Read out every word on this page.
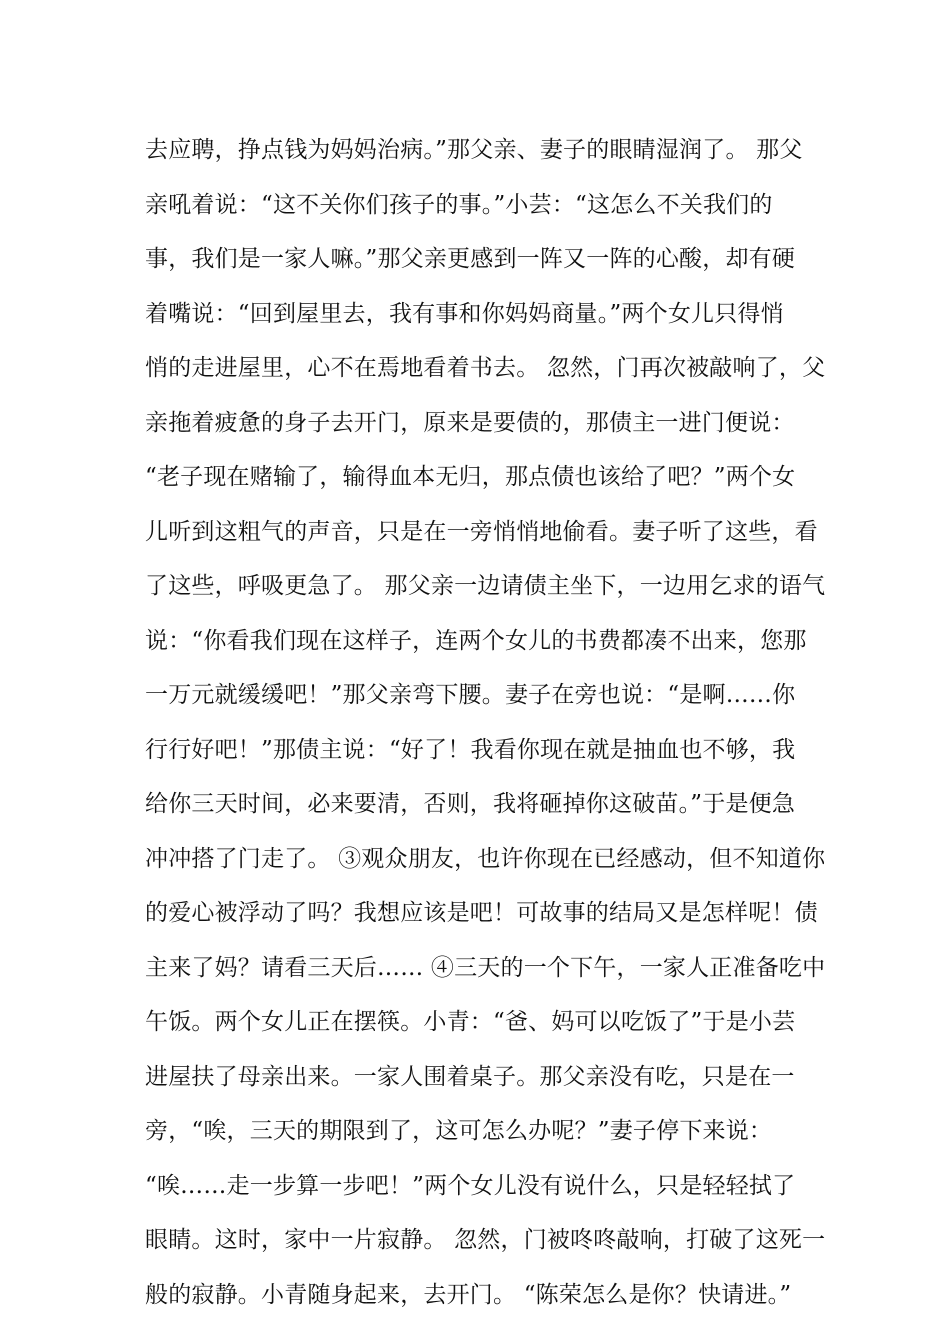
去应聘，挣点钱为妈妈治病。”那父亲、妻子的眼睛湿润了。 那父
亲吼着说：“这不关你们孩子的事。”小芸：“这怎么不关我们的
事，我们是一家人嘛。”那父亲更感到一阵又一阵的心酸，却有硬
着嘴说：“回到屋里去，我有事和你妈妈商量。”两个女儿只得悄
悄的走进屋里，心不在焉地看着书去。 忽然，门再次被敲响了，父
亲拖着疲惫的身子去开门，原来是要债的，那债主一进门便说：
“老子现在赌输了，输得血本无归，那点债也该给了吧？”两个女
儿听到这粗气的声音，只是在一旁悄悄地偷看。妻子听了这些，看
了这些，呼吸更急了。 那父亲一边请债主坐下，一边用乞求的语气
说：“你看我们现在这样子，连两个女儿的书费都凑不出来，您那
一万元就缓缓吧！”那父亲弯下腰。妻子在旁也说：“是啊……你
行行好吧！”那债主说：“好了！我看你现在就是抽血也不够，我
给你三天时间，必来要清，否则，我将砸掉你这破苗。”于是便急
冲冲搭了门走了。 ③观众朋友，也许你现在已经感动，但不知道你
的爱心被浮动了吗？我想应该是吧！可故事的结局又是怎样呢！债
主来了妈？请看三天后…… ④三天的一个下午，一家人正准备吃中
午饭。两个女儿正在摆筷。小青：“爸、妈可以吃饭了”于是小芸
进屋扶了母亲出来。一家人围着桌子。那父亲没有吃，只是在一
旁，“唉，三天的期限到了，这可怎么办呢？”妻子停下来说：
“唉……走一步算一步吧！”两个女儿没有说什么，只是轻轻拭了
眼睛。这时，家中一片寂静。 忽然，门被咚咚敲响，打破了这死一
般的寂静。小青随身起来，去开门。 “陈荣怎么是你？快请进。”
